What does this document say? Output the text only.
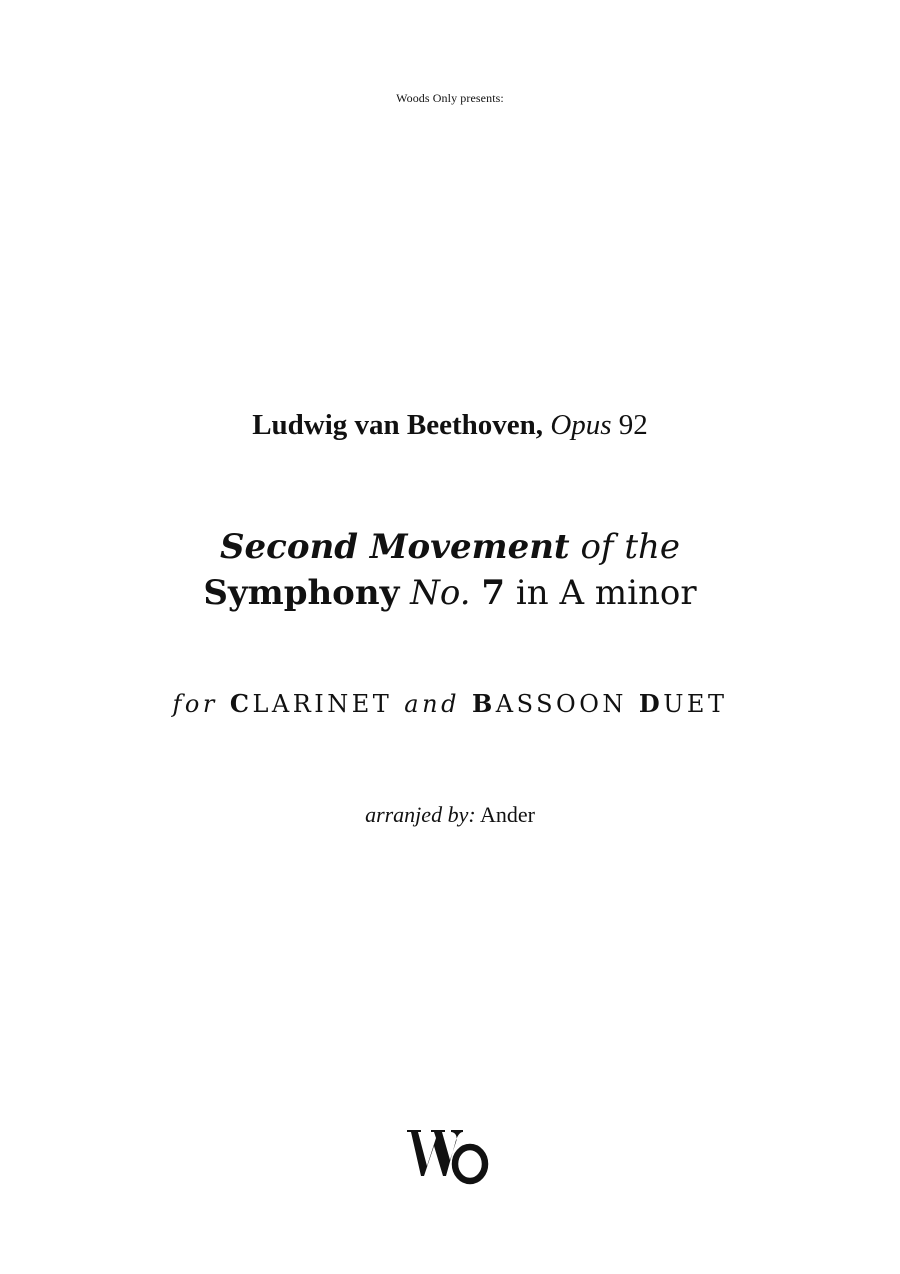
Woods Only presents:
Ludwig van Beethoven, Opus 92
Second Movement of the
Symphony No. 7 in A minor
for CLARINET and BASSOON DUET
arranjed by: Ander
